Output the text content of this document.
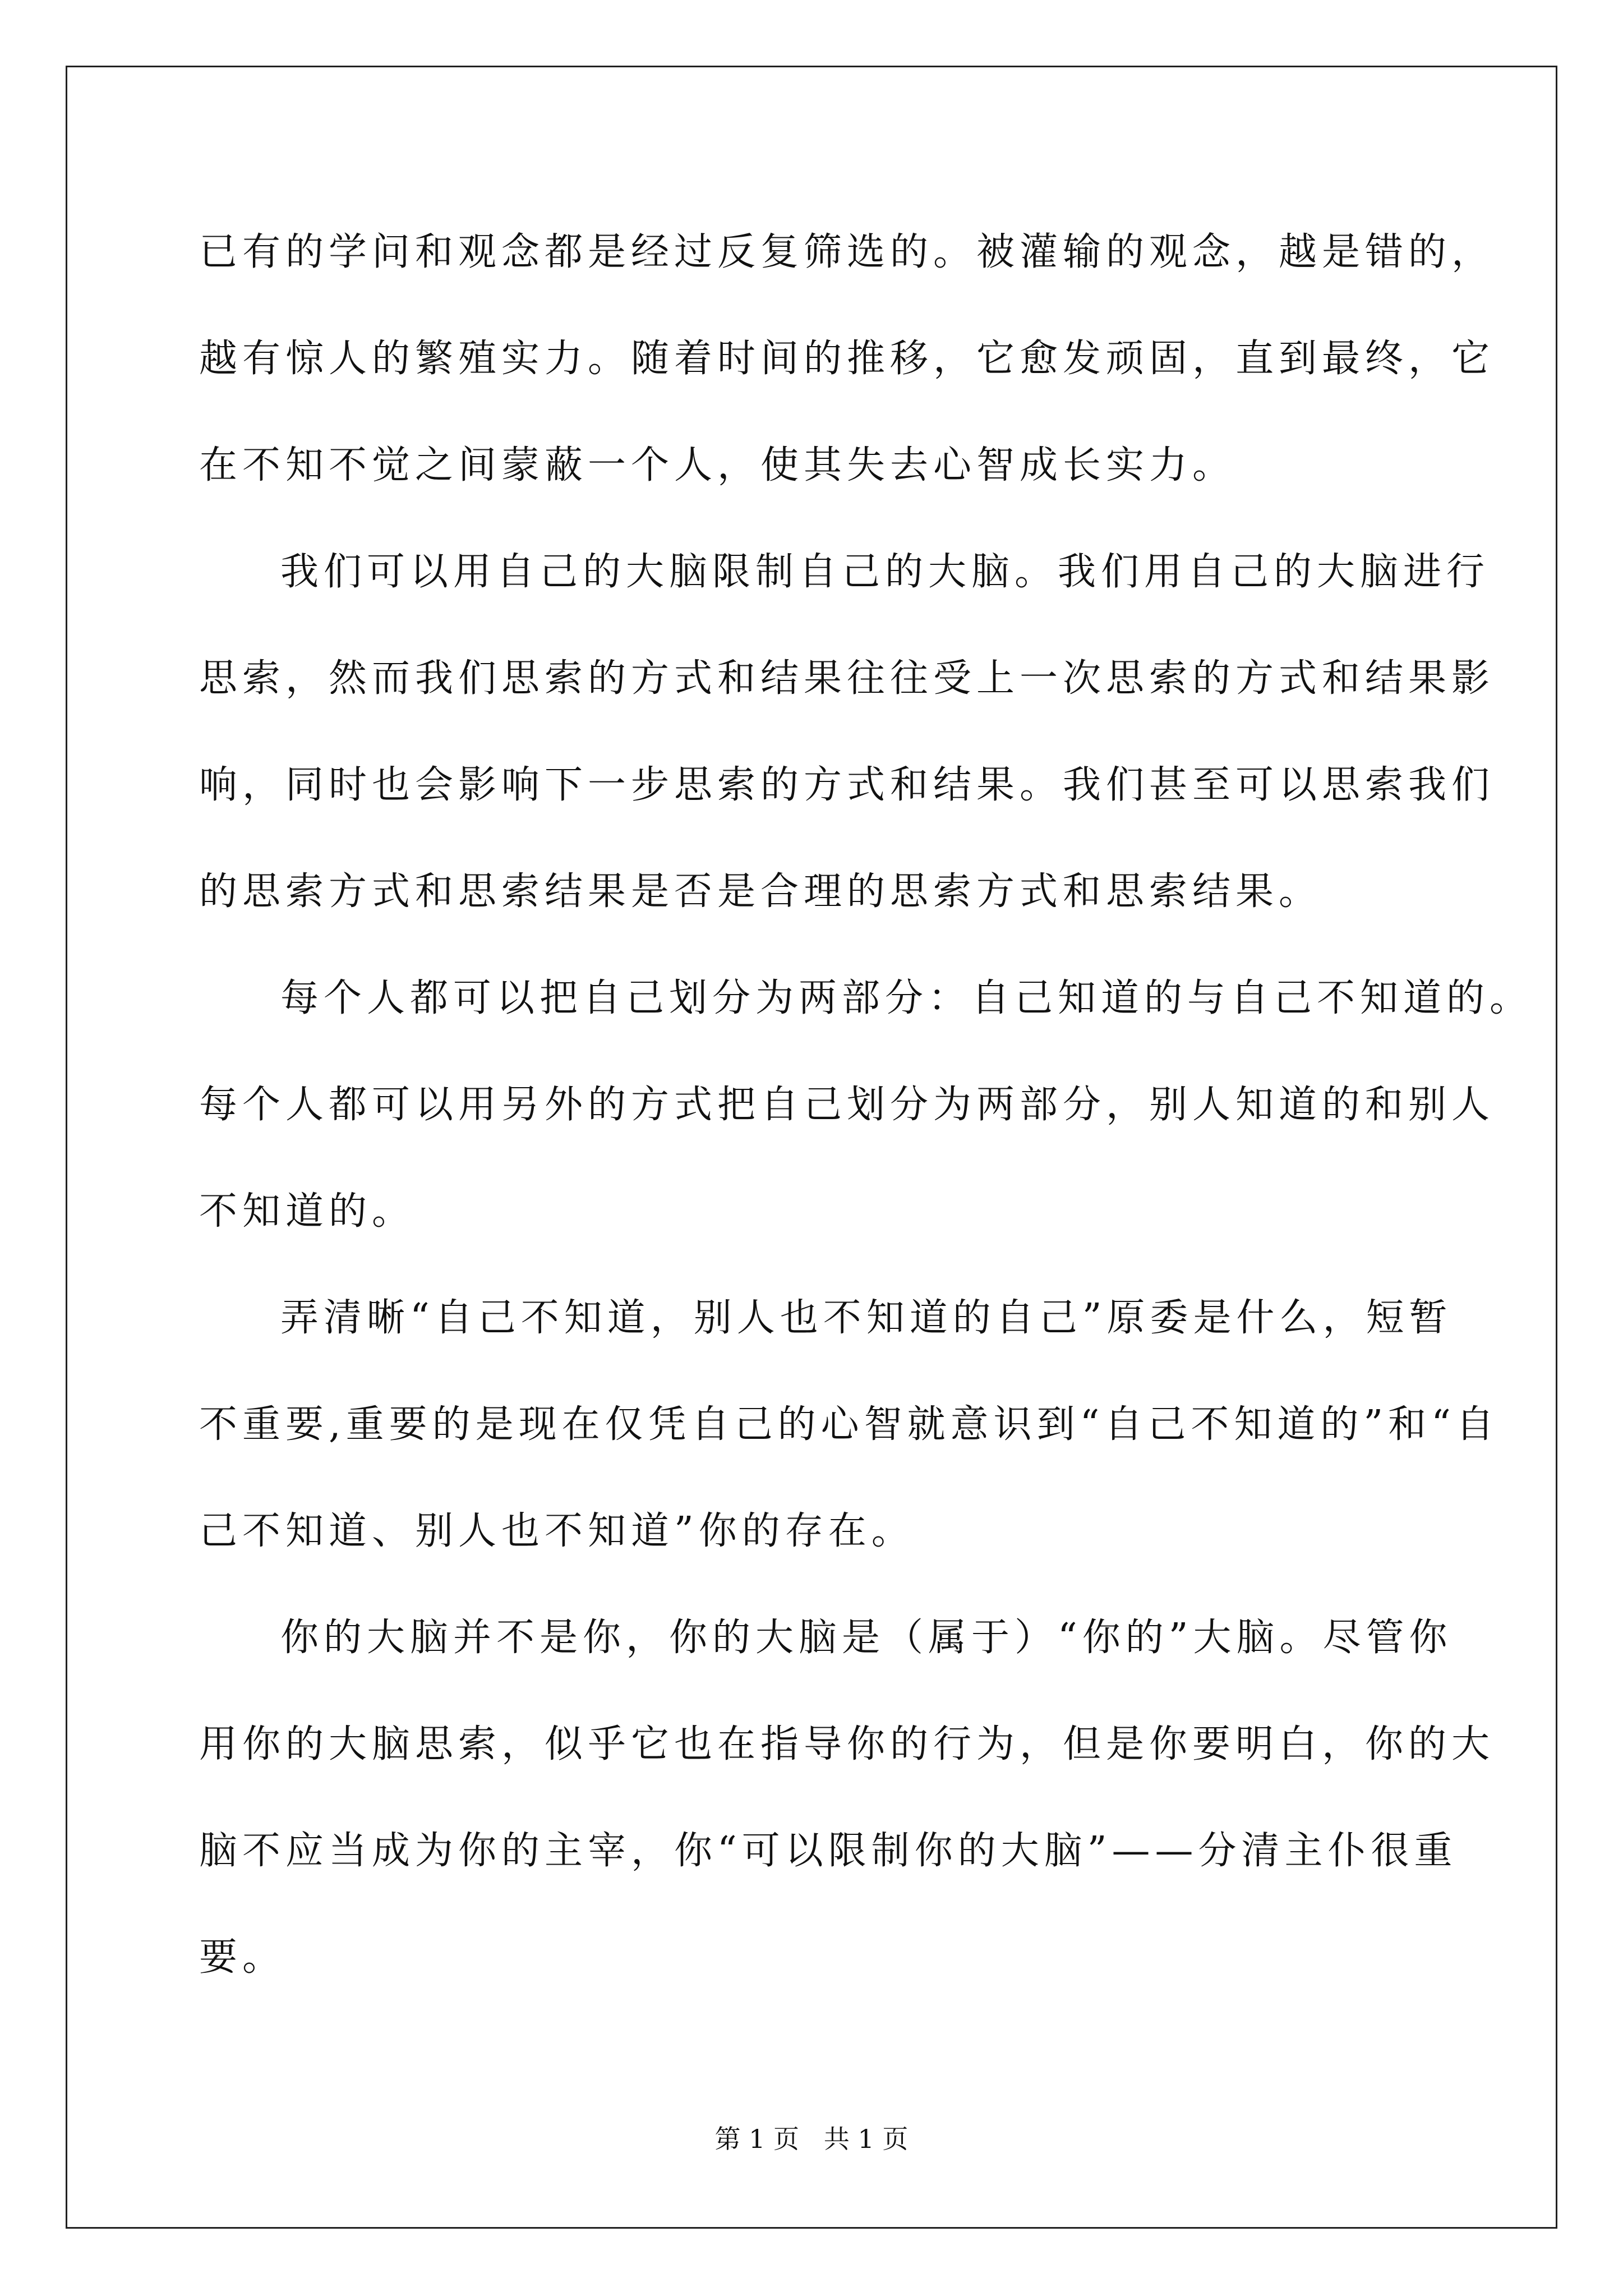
已有的学问和观念都是经过反复筛选的。被灌输的观念，越是错的，
越有惊人的繁殖实力。随着时间的推移，它愈发顽固，直到最终，它
在不知不觉之间蒙蔽一个人，使其失去心智成长实力。
我们可以用自己的大脑限制自己的大脑。我们用自己的大脑进行
思索，然而我们思索的方式和结果往往受上一次思索的方式和结果影
响，同时也会影响下一步思索的方式和结果。我们甚至可以思索我们
的思索方式和思索结果是否是合理的思索方式和思索结果。
每个人都可以把自己划分为两部分：自己知道的与自己不知道的。
每个人都可以用另外的方式把自己划分为两部分，别人知道的和别人
不知道的。
弄清晰“自己不知道，别人也不知道的自己”原委是什么，短暂
不重要,重要的是现在仅凭自己的心智就意识到“自己不知道的”和“自
己不知道、别人也不知道”你的存在。
你的大脑并不是你，你的大脑是（属于）“你的”大脑。尽管你
用你的大脑思索，似乎它也在指导你的行为，但是你要明白，你的大
脑不应当成为你的主宰，你“可以限制你的大脑”——分清主仆很重
要。
第 1 页   共 1 页
